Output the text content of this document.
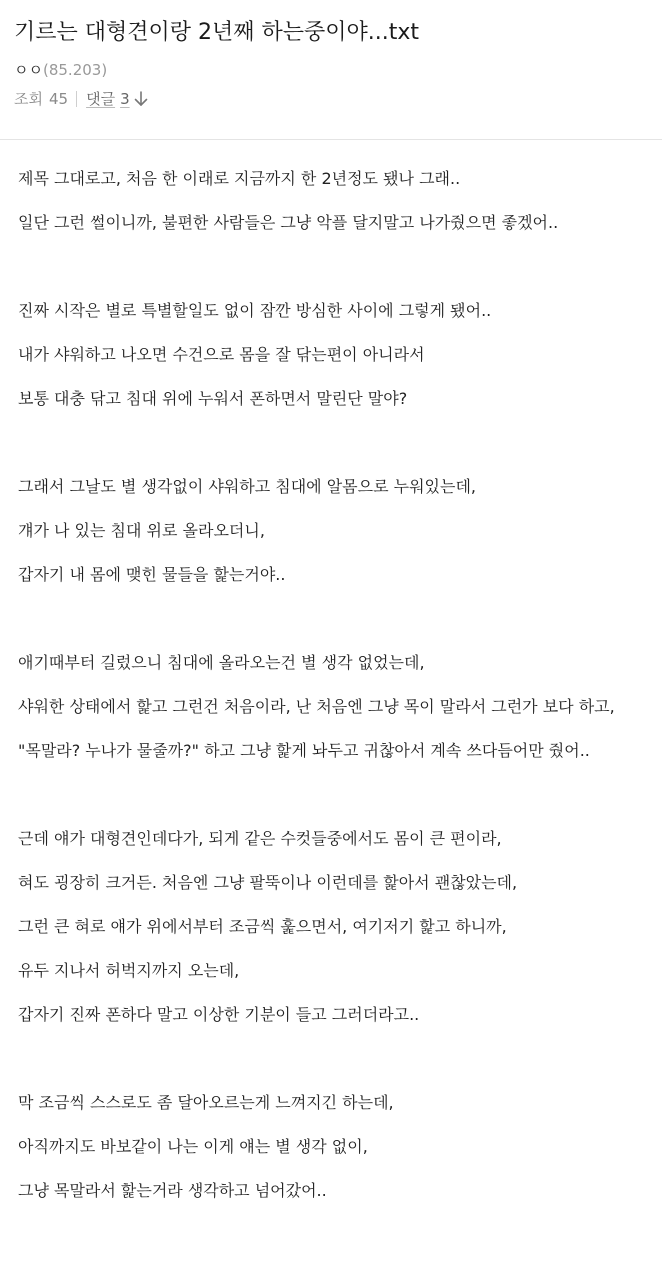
기르는 대형견이랑 2년째 하는중이야...txt
ㅇㅇ(85.203)
조회 45 댓글 3

제목 그대로고, 처음 한 이래로 지금까지 한 2년정도 됐나 그래..

일단 그런 썰이니까, 불편한 사람들은 그냥 악플 달지말고 나가줬으면 좋겠어..

진짜 시작은 별로 특별할일도 없이 잠깐 방심한 사이에 그렇게 됐어..

내가 샤워하고 나오면 수건으로 몸을 잘 닦는편이 아니라서

보통 대충 닦고 침대 위에 누워서 폰하면서 말린단 말야?

그래서 그날도 별 생각없이 샤워하고 침대에 알몸으로 누워있는데,

걔가 나 있는 침대 위로 올라오더니,

갑자기 내 몸에 맺힌 물들을 핥는거야..

애기때부터 길렀으니 침대에 올라오는건 별 생각 없었는데,

샤워한 상태에서 핥고 그런건 처음이라, 난 처음엔 그냥 목이 말라서 그런가 보다 하고,

"목말라? 누나가 물줄까?" 하고 그냥 핥게 놔두고 귀찮아서 계속 쓰다듬어만 줬어..

근데 얘가 대형견인데다가, 되게 같은 수컷들중에서도 몸이 큰 편이라,

혀도 굉장히 크거든. 처음엔 그냥 팔뚝이나 이런데를 핥아서 괜찮았는데,

그런 큰 혀로 얘가 위에서부터 조금씩 훑으면서, 여기저기 핥고 하니까,

유두 지나서 허벅지까지 오는데,

갑자기 진짜 폰하다 말고 이상한 기분이 들고 그러더라고..

막 조금씩 스스로도 좀 달아오르는게 느껴지긴 하는데,

아직까지도 바보같이 나는 이게 얘는 별 생각 없이,

그냥 목말라서 핥는거라 생각하고 넘어갔어..
